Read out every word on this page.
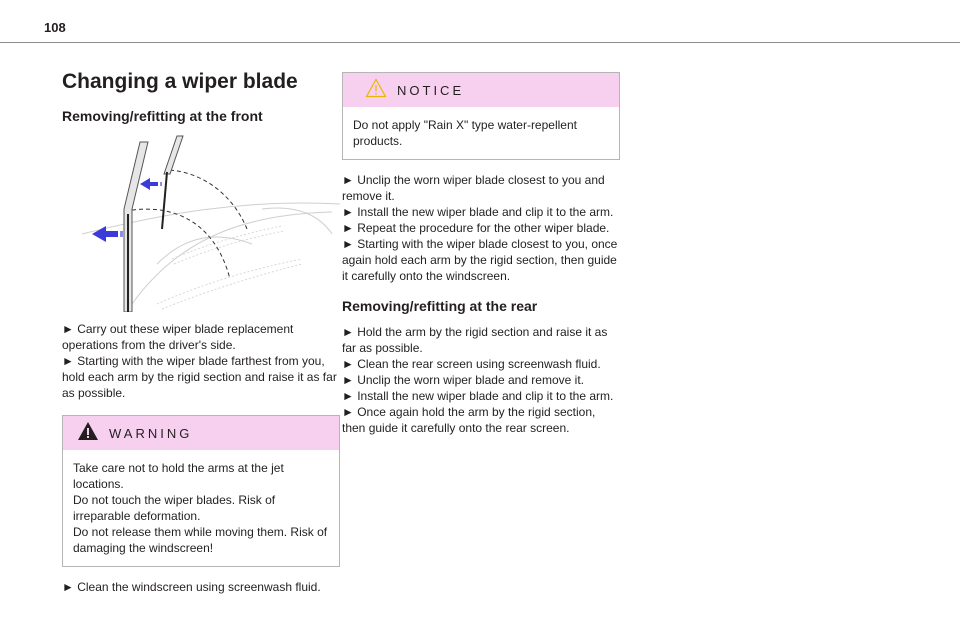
108
Changing a wiper blade
Removing/refitting at the front
► Carry out these wiper blade replacement operations from the driver's side.
► Starting with the wiper blade farthest from you, hold each arm by the rigid section and raise it as far as possible.
WARNING
Take care not to hold the arms at the jet locations.
Do not touch the wiper blades. Risk of irreparable deformation.
Do not release them while moving them. Risk of damaging the windscreen!
► Clean the windscreen using screenwash fluid.
NOTICE
Do not apply "Rain X" type water-repellent products.
► Unclip the worn wiper blade closest to you and remove it.
► Install the new wiper blade and clip it to the arm.
► Repeat the procedure for the other wiper blade.
► Starting with the wiper blade closest to you, once again hold each arm by the rigid section, then guide it carefully onto the windscreen.
Removing/refitting at the rear
► Hold the arm by the rigid section and raise it as far as possible.
► Clean the rear screen using screenwash fluid.
► Unclip the worn wiper blade and remove it.
► Install the new wiper blade and clip it to the arm.
► Once again hold the arm by the rigid section, then guide it carefully onto the rear screen.
